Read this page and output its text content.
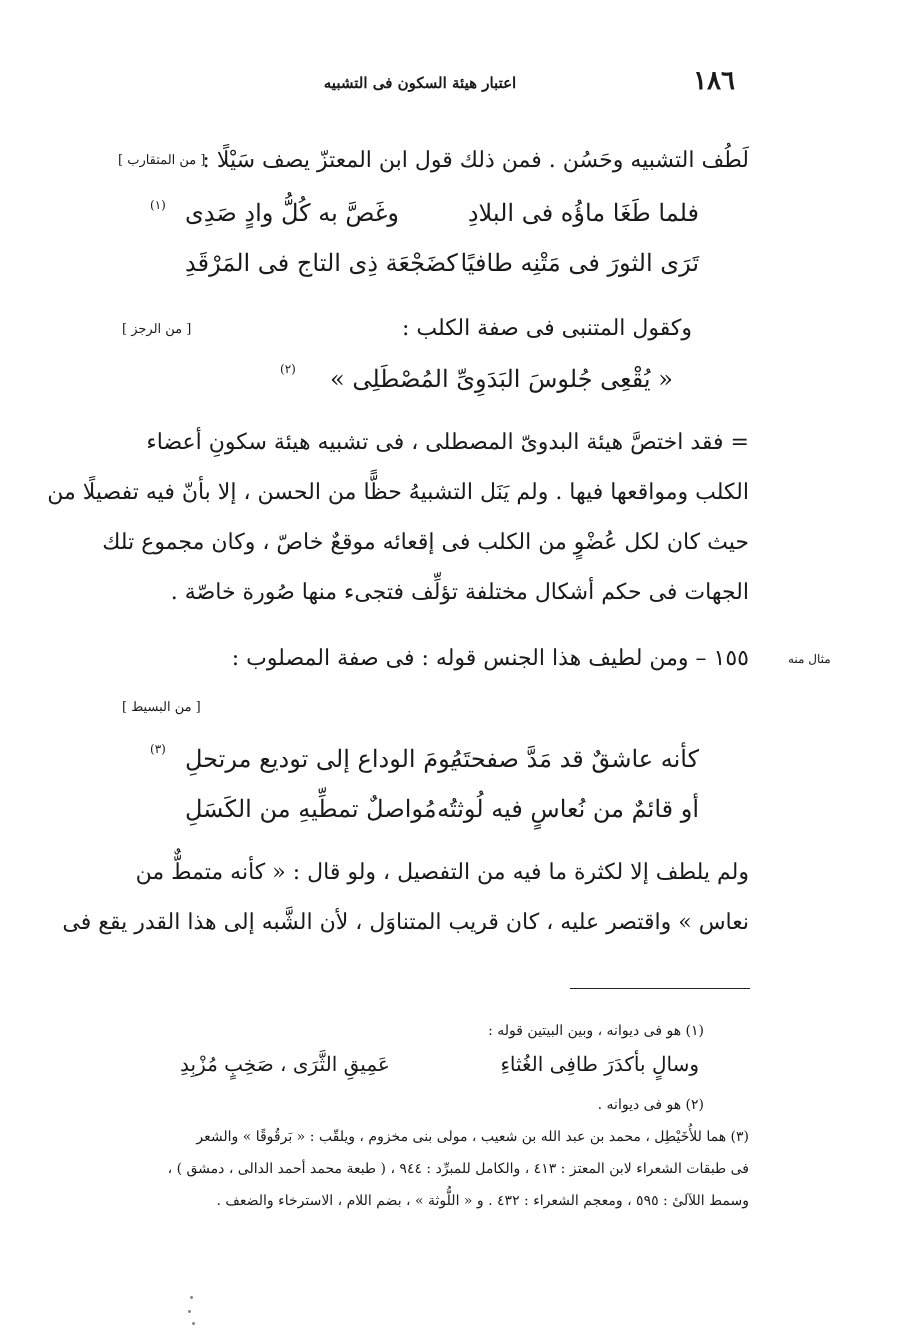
١٨٦
اعتبار هيئة السكون فى التشبيه
لَطُف التشبيه وحَسُن . فمن ذلك قول ابن المعتزّ يصف سَيْلًا :
[ من المتقارب ]
فلما طَغَا ماؤُه فى البلادِ
وغَصَّ به كُلُّ وادٍ صَدِى
(١)
تَرَى الثورَ فى مَتْنِه طافيًا
كضَجْعَة ذِى التاج فى المَرْقَدِ
وكقول المتنبى فى صفة الكلب :
[ من الرجز ]
« يُقْعِى جُلوسَ البَدَوِىِّ المُصْطَلِى »
(٢)
= فقد اختصَّ هيئة البدوىّ المصطلى ، فى تشبيه هيئة سكونِ أعضاء
الكلب ومواقعها فيها . ولم يَنَل التشبيهُ حظًّا من الحسن ، إلا بأنّ فيه تفصيلًا من
حيث كان لكل عُضْوٍ من الكلب فى إقعائه موقعٌ خاصّ ، وكان مجموع تلك
الجهات فى حكم أشكال مختلفة تؤلِّف فتجىء منها صُورة خاصّة .
١٥٥ – ومن لطيف هذا الجنس قوله : فى صفة المصلوب :	مثال منه
[ من البسيط ]
كأنه عاشقٌ قد مَدَّ صفحتَهُ
يومَ الوداع إلى توديع مرتحلِ
(٣)
أو قائمٌ من نُعاسٍ فيه لُوثتُه
مُواصلٌ تمطِّيهِ من الكَسَلِ
ولم يلطف إلا لكثرة ما فيه من التفصيل ، ولو قال : « كأنه متمطٌّ من
نعاس » واقتصر عليه ، كان قريب المتناوَل ، لأن الشَّبه إلى هذا القدر يقع فى
(١) هو فى ديوانه ، وبين البيتين قوله :
وسالٍ بأكدَرَ طافِى الغُثاءِ
عَمِيقِ الثَّرَى ، صَخِبٍ مُزْبِدِ
(٢) هو فى ديوانه .
(٣) هما للأُخَيْطِل ، محمد بن عبد الله بن شعيب ، مولى بنى مخزوم ، ويلقّب : « بَرقُوقًا » والشعر
فى طبقات الشعراء لابن المعتز : ٤١٣ ، والكامل للمبرِّد : ٩٤٤ ، ( طبعة محمد أحمد الدالى ، دمشق ) ،
وسمط اللآلىٔ : ٥٩٥ ، ومعجم الشعراء : ٤٣٢ . و « اللُّوثة » ، بضم اللام ، الاسترخاء والضعف .
